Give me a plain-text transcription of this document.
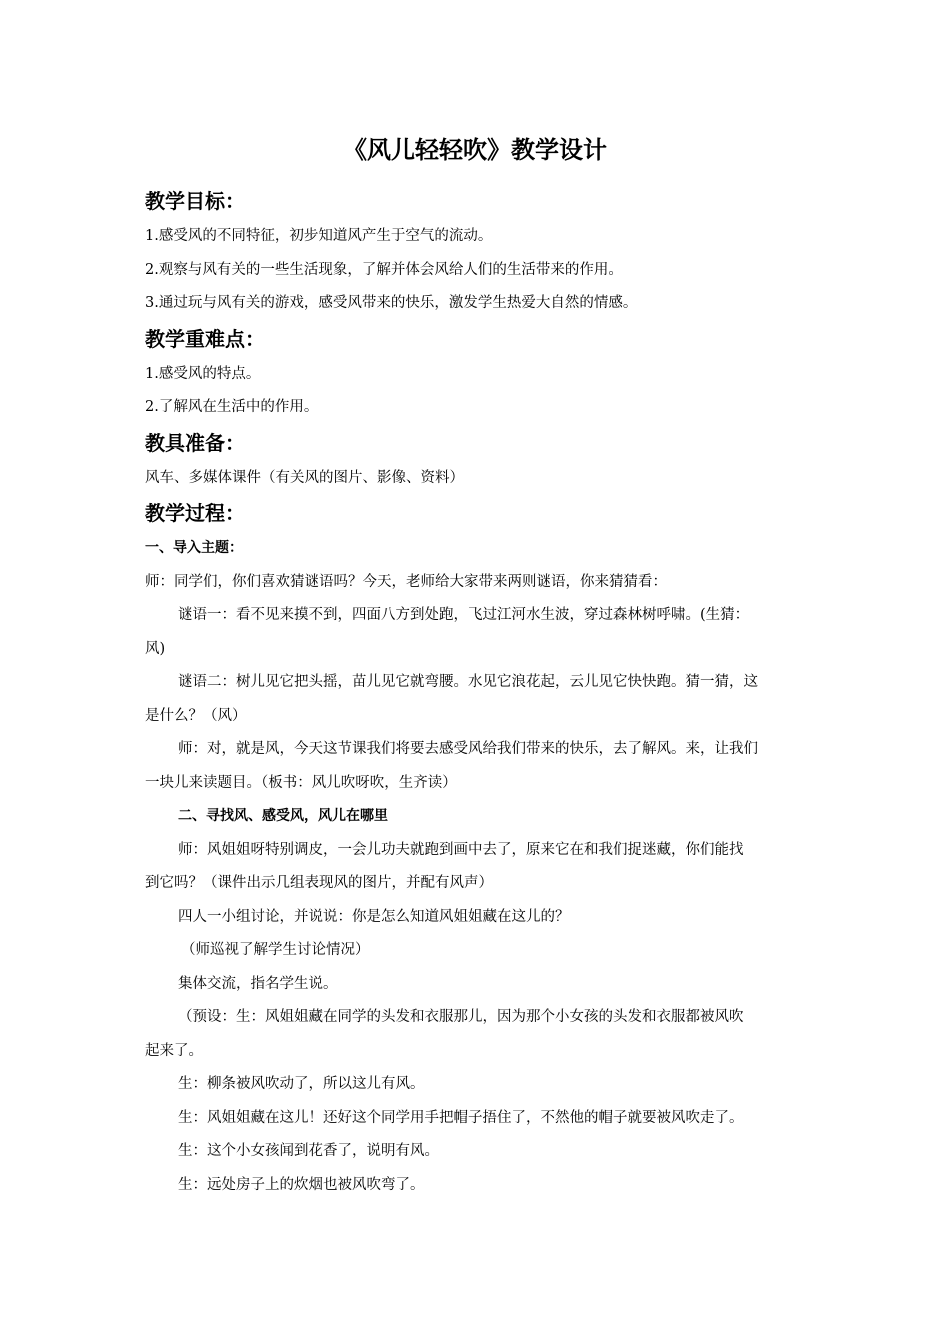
《风儿轻轻吹》教学设计
教学目标：
1.感受风的不同特征，初步知道风产生于空气的流动。
2.观察与风有关的一些生活现象，了解并体会风给人们的生活带来的作用。
3.通过玩与风有关的游戏，感受风带来的快乐，激发学生热爱大自然的情感。
教学重难点：
1.感受风的特点。
2.了解风在生活中的作用。
教具准备：
风车、多媒体课件（有关风的图片、影像、资料）
教学过程：
一、导入主题：
师：同学们，你们喜欢猜谜语吗？今天，老师给大家带来两则谜语，你来猜猜看：
谜语一：看不见来摸不到，四面八方到处跑，飞过江河水生波，穿过森林树呼啸。(生猜：
风)
谜语二：树儿见它把头摇，苗儿见它就弯腰。水见它浪花起，云儿见它快快跑。猜一猜，这
是什么？（风）
师：对，就是风，今天这节课我们将要去感受风给我们带来的快乐，去了解风。来，让我们
一块儿来读题目。（板书：风儿吹呀吹，生齐读）
二、寻找风、感受风，风儿在哪里
师：风姐姐呀特别调皮，一会儿功夫就跑到画中去了，原来它在和我们捉迷藏，你们能找
到它吗？（课件出示几组表现风的图片，并配有风声）
四人一小组讨论，并说说：你是怎么知道风姐姐藏在这儿的？
（师巡视了解学生讨论情况）
集体交流，指名学生说。
（预设：生：风姐姐藏在同学的头发和衣服那儿，因为那个小女孩的头发和衣服都被风吹
起来了。
生：柳条被风吹动了，所以这儿有风。
生：风姐姐藏在这儿！还好这个同学用手把帽子捂住了，不然他的帽子就要被风吹走了。
生：这个小女孩闻到花香了，说明有风。
生：远处房子上的炊烟也被风吹弯了。
